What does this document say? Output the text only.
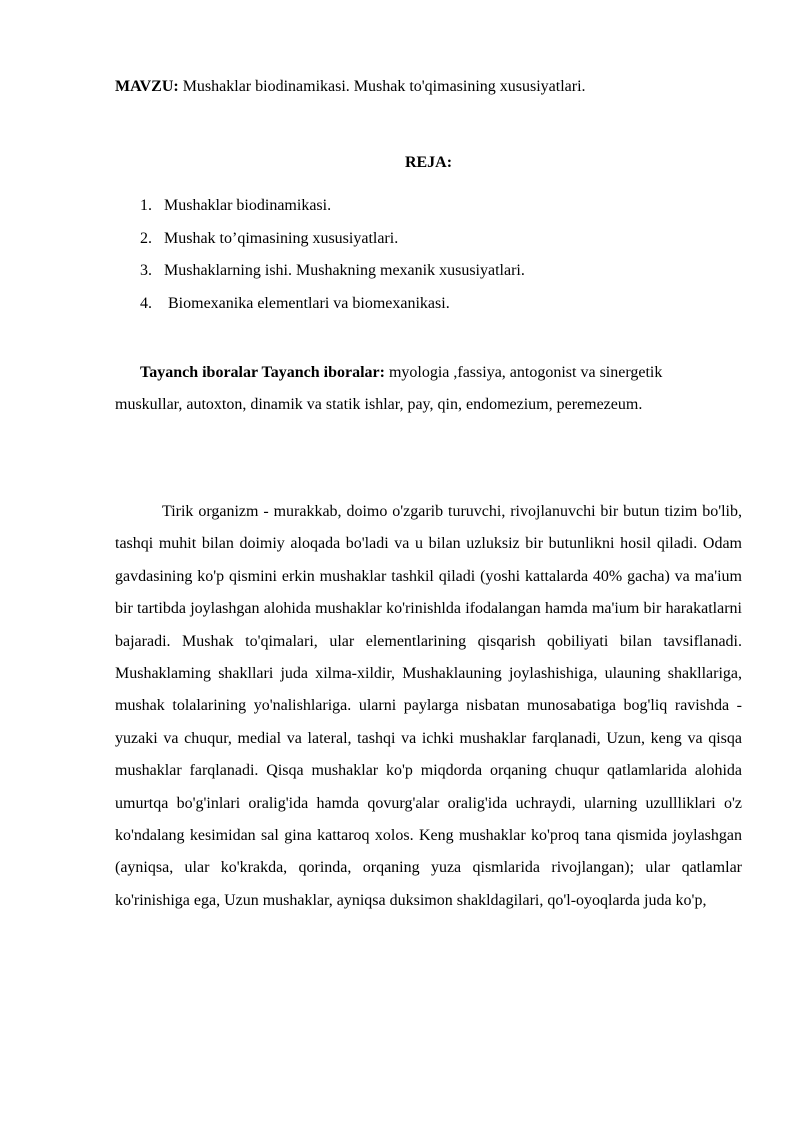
MAVZU: Mushaklar biodinamikasi. Mushak to'qimasining xususiyatlari.
REJA:
1. Mushaklar biodinamikasi.
2. Mushak to’qimasining xususiyatlari.
3. Mushaklarning ishi. Mushakning mexanik xususiyatlari.
4. Biomexanika elementlari va biomexanikasi.

Tayanch iboralar Tayanch iboralar: myologia ,fassiya, antogonist va sinergetik muskullar, autoxton, dinamik va statik ishlar, pay, qin, endomezium, peremezeum.

Tirik organizm - murakkab, doimo o'zgarib turuvchi, rivojlanuvchi bir butun tizim bo'lib, tashqi muhit bilan doimiy aloqada bo'ladi va u bilan uzluksiz bir butunlikni hosil qiladi. Odam gavdasining ko'p qismini erkin mushaklar tashkil qiladi (yoshi kattalarda 40% gacha) va ma'ium bir tartibda joylashgan alohida mushaklar ko'rinishlda ifodalangan hamda ma'ium bir harakatlarni bajaradi. Mushak to'qimalari, ular elementlarining qisqarish qobiliyati bilan tavsiflanadi. Mushaklaming shakllari juda xilma-xildir, Mushaklauning joylashishiga, ulauning shakllariga, mushak tolalarining yo'nalishlariga. ularni paylarga nisbatan munosabatiga bog'liq ravishda - yuzaki va chuqur, medial va lateral, tashqi va ichki mushaklar farqlanadi, Uzun, keng va qisqa mushaklar farqlanadi. Qisqa mushaklar ko'p miqdorda orqaning chuqur qatlamlarida alohida umurtqa bo'g'inlari oralig'ida hamda qovurg'alar oralig'ida uchraydi, ularning uzullliklari o'z ko'ndalang kesimidan sal gina kattaroq xolos. Keng mushaklar ko'proq tana qismida joylashgan (ayniqsa, ular ko'krakda, qorinda, orqaning yuza qismlarida rivojlangan); ular qatlamlar ko'rinishiga ega, Uzun mushaklar, ayniqsa duksimon shakldagilari, qo'l-oyoqlarda juda ko'p,
